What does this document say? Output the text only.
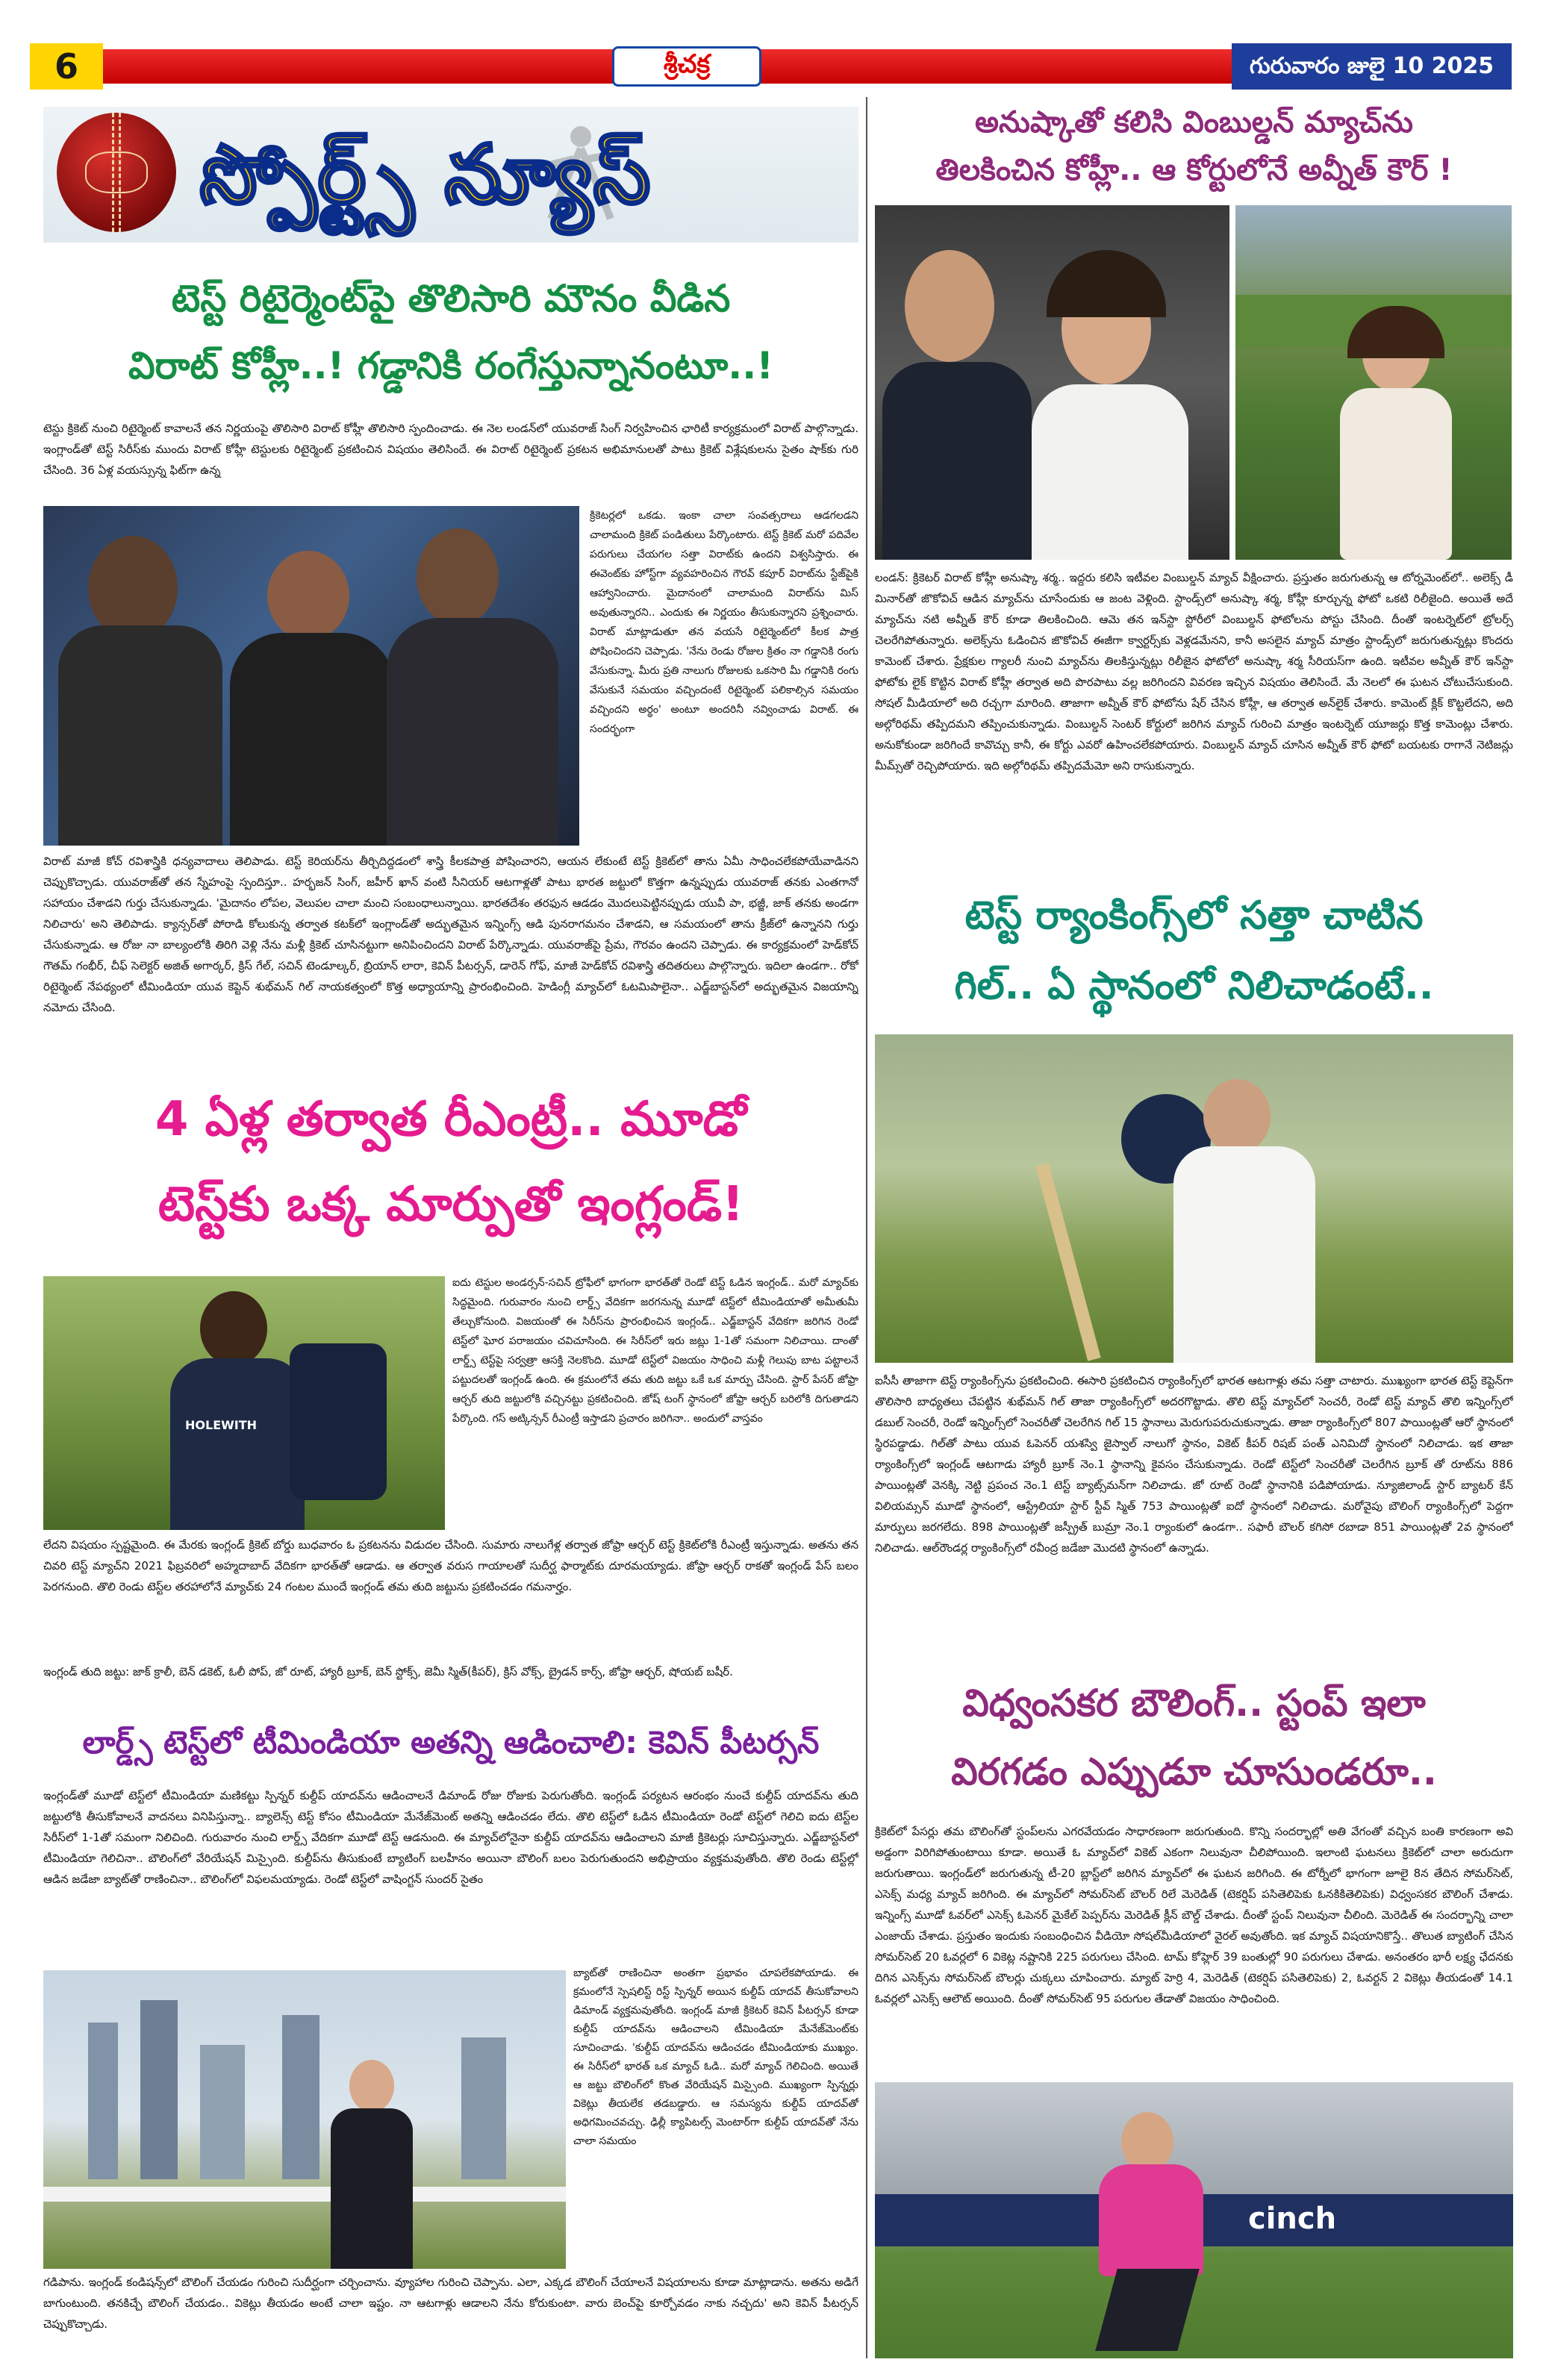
6	శ్రీచక్ర	గురువారం జులై 10 2025
స్పోర్ట్స్ న్యూస్
టెస్ట్ రిటైర్మెంట్‌పై తొలిసారి మౌనం వీడిన
విరాట్ కోహ్లీ..! గడ్డానికి రంగేస్తున్నానంటూ..!
టెస్టు క్రికెట్ నుంచి రిటైర్మెంట్ కావాలనే తన నిర్ణయంపై తొలిసారి విరాట్ కోహ్లీ తొలిసారి స్పందించాడు. ఈ నెల లండన్‌లో యువరాజ్ సింగ్ నిర్వహించిన ఛారిటీ కార్యక్రమంలో విరాట్ పాల్గొన్నాడు. ఇంగ్లాండ్‌తో టెస్ట్ సిరీస్‌కు ముందు విరాట్ కోహ్లీ టెస్టులకు రిటైర్మెంట్ ప్రకటించిన విషయం తెలిసిందే. ఈ విరాట్ రిటైర్మెంట్ ప్రకటన అభిమానులతో పాటు క్రికెట్ విశ్లేషకులను సైతం షాక్‌కు గురి చేసింది. 36 ఏళ్ల వయస్సున్న ఫిట్‌గా ఉన్న
క్రికెటర్లలో ఒకడు. ఇంకా చాలా సంవత్సరాలు ఆడగలడని చాలామంది క్రికెట్ పండితులు పేర్కొంటారు. టెస్ట్ క్రికెట్ మరో పదివేల పరుగులు చేయగల సత్తా విరాట్‌కు ఉందని విశ్వసిస్తారు. ఈ ఈవెంట్‌కు హోస్ట్‌గా వ్యవహరించిన గౌరవ్ కపూర్ విరాట్‌ను స్టేజ్‌పైకి ఆహ్వానించారు. మైదానంలో చాలామంది విరాట్‌ను మిస్ అవుతున్నారని.. ఎందుకు ఈ నిర్ణయం తీసుకున్నారని ప్రశ్నించారు. విరాట్ మాట్లాడుతూ తన వయసే రిటైర్మెంట్‌లో కీలక పాత్ర పోషించిందని చెప్పాడు. 'నేను రెండు రోజుల క్రితం నా గడ్డానికి రంగు వేసుకున్నా. మీరు ప్రతి నాలుగు రోజులకు ఒకసారి మీ గడ్డానికి రంగు వేసుకునే సమయం వచ్చిందంటే రిటైర్మెంట్ పలికాల్సిన సమయం వచ్చిందని అర్థం' అంటూ అందరినీ నవ్వించాడు విరాట్. ఈ సందర్భంగా
విరాట్ మాజీ కోచ్ రవిశాస్త్రికి ధన్యవాదాలు తెలిపాడు. టెస్ట్ కెరియర్‌ను తీర్చిదిద్దడంలో శాస్త్రి కీలకపాత్ర పోషించారని, ఆయన లేకుంటే టెస్ట్ క్రికెట్‌లో తాను ఏమీ సాధించలేకపోయేవాడినని చెప్పుకొచ్చాడు. యువరాజ్‌తో తన స్నేహంపై స్పందిస్తూ.. హర్భజన్ సింగ్, జహీర్ ఖాన్ వంటి సీనియర్ ఆటగాళ్లతో పాటు భారత జట్టులో కొత్తగా ఉన్నప్పుడు యువరాజ్ తనకు ఎంతగానో సహాయం చేశాడని గుర్తు చేసుకున్నాడు. 'మైదానం లోపల, వెలుపల చాలా మంచి సంబంధాలున్నాయి. భారతదేశం తరఫున ఆడడం మొదలుపెట్టినప్పుడు యువీ పా, భజ్జీ, జాక్ తనకు అండగా నిలిచారు' అని తెలిపాడు. క్యాన్సర్‌తో పోరాడి కోలుకున్న తర్వాత కటక్‌లో ఇంగ్లాండ్‌తో అద్భుతమైన ఇన్నింగ్స్ ఆడి పునరాగమనం చేశాడని, ఆ సమయంలో తాను క్రీజ్‌లో ఉన్నానని గుర్తు చేసుకున్నాడు. ఆ రోజు నా బాల్యంలోకి తిరిగి వెళ్లి నేను మళ్లీ క్రికెట్ చూసినట్టుగా అనిపించిందని విరాట్ పేర్కొన్నాడు. యువరాజ్‌పై ప్రేమ, గౌరవం ఉందని చెప్పాడు. ఈ కార్యక్రమంలో హెడ్‌కోచ్ గౌతమ్ గంభీర్, చీఫ్ సెలెక్టర్ అజిత్ అగార్కర్, క్రిస్ గేల్, సచిన్ టెండూల్కర్, బ్రియాన్ లారా, కెవిన్ పీటర్సన్, డారెన్ గోఫ్, మాజీ హెడ్‌కోచ్ రవిశాస్త్రి తదితరులు పాల్గొన్నారు. ఇదిలా ఉండగా.. రోకో రిటైర్మెంట్ నేపథ్యంలో టీమిండియా యువ కెప్టెన్ శుభ్‌మన్ గిల్ నాయకత్వంలో కొత్త అధ్యాయాన్ని ప్రారంభించింది. హెడింగ్లీ మ్యాచ్‌లో ఓటమిపాలైనా.. ఎడ్జ్‌బాస్టన్‌లో అద్భుతమైన విజయాన్ని నమోదు చేసింది.
4 ఏళ్ల తర్వాత రీఎంట్రీ.. మూడో
టెస్ట్‌కు ఒక్క మార్పుతో ఇంగ్లండ్!
HOLEWITH
ఐదు టెస్టుల అండర్సన్-సచిన్ ట్రోఫీలో భాగంగా భారత్‌తో రెండో టెస్ట్‌ ఓడిన ఇంగ్లండ్.. మరో మ్యాచ్‌కు సిద్ధమైంది. గురువారం నుంచి లార్డ్స్ వేదికగా జరగనున్న మూడో టెస్ట్‌లో టీమిండియాతో అమీతుమీ తేల్చుకోనుంది. విజయంతో ఈ సిరీస్‌ను ప్రారంభించిన ఇంగ్లండ్.. ఎడ్జ్‌బాస్టన్ వేదికగా జరిగిన రెండో టెస్ట్‌లో ఘోర పరాజయం చవిచూసింది. ఈ సిరీస్‌లో ఇరు జట్లు 1-1తో సమంగా నిలిచాయి. దాంతో లార్డ్స్ టెస్ట్‌పై సర్వత్రా ఆసక్తి నెలకొంది. మూడో టెస్ట్‌లో విజయం సాధించి మళ్లీ గెలుపు బాట పట్టాలనే పట్టుదలతో ఇంగ్లండ్ ఉంది. ఈ క్రమంలోనే తమ తుది జట్టు ఒకే ఒక మార్పు చేసింది. స్టార్ పేసర్ జోఫ్రా ఆర్చర్ తుది జట్టులోకి వచ్చినట్టు ప్రకటించింది. జోష్ టంగ్ స్థానంలో జోఫ్రా ఆర్చర్ బరిలోకి దిగుతాడని పేర్కొంది. గస్ అట్కిన్సన్ రీఎంట్రీ ఇస్తాడని ప్రచారం జరిగినా.. అందులో వాస్తవం
లేదని విషయం స్పష్టమైంది. ఈ మేరకు ఇంగ్లండ్ క్రికెట్ బోర్డు బుధవారం ఓ ప్రకటనను విడుదల చేసింది. సుమారు నాలుగేళ్ల తర్వాత జోఫ్రా ఆర్చర్ టెస్ట్ క్రికెట్‌లోకి రీఎంట్రీ ఇస్తున్నాడు. అతను తన చివరి టెస్ట్ మ్యాచ్‌ని 2021 ఫిబ్రవరిలో అహ్మదాబాద్ వేదికగా భారత్‌తో ఆడాడు. ఆ తర్వాత వరుస గాయాలతో సుదీర్ఘ ఫార్మాట్‌కు దూరమయ్యాడు. జోఫ్రా ఆర్చర్ రాకతో ఇంగ్లండ్ పేస్ బలం పెరగనుంది. తొలి రెండు టెస్ట్‌ల తరహాలోనే మ్యాచ్‌కు 24 గంటల ముందే ఇంగ్లండ్ తమ తుది జట్టును ప్రకటించడం గమనార్హం.
ఇంగ్లండ్ తుది జట్టు: జాక్ క్రాలీ, బెన్ డకెట్, ఓలీ పోప్, జో రూట్, హ్యారీ బ్రూక్, బెన్ స్టోక్స్, జెమీ స్మిత్(కీపర్), క్రిస్ వోక్స్, బ్రైడన్ కార్స్, జోఫ్రా ఆర్చర్, షోయబ్ బషీర్.
లార్డ్స్ టెస్ట్‌లో టీమిండియా అతన్ని ఆడించాలి: కెవిన్ పీటర్సన్
ఇంగ్లండ్‌తో మూడో టెస్ట్‌లో టీమిండియా మణికట్టు స్పిన్నర్ కుల్దీప్ యాదవ్‌ను ఆడించాలనే డిమాండ్ రోజు రోజుకు పెరుగుతోంది. ఇంగ్లండ్ పర్యటన ఆరంభం నుంచే కుల్దీప్ యాదవ్‌ను తుది జట్టులోకి తీసుకోవాలనే వాదనలు వినిపిస్తున్నా.. బ్యాలెన్స్ టెస్ట్ కోసం టీమిండియా మేనేజ్‌మెంట్ అతన్ని ఆడించడం లేదు. తొలి టెస్ట్‌లో ఓడిన టీమిండియా రెండో టెస్ట్‌లో గెలిచి ఐదు టెస్ట్‌ల సిరీస్‌లో 1-1తో సమంగా నిలిచింది. గురువారం నుంచి లార్డ్స్ వేదికగా మూడో టెస్ట్ ఆడనుంది. ఈ మ్యాచ్‌లోనైనా కుల్దీప్ యాదవ్‌ను ఆడించాలని మాజీ క్రికెటర్లు సూచిస్తున్నారు. ఎడ్జ్‌బాస్టన్‌లో టీమిండియా గెలిచినా.. బౌలింగ్‌లో వేరియేషన్ మిస్సైంది. కుల్దీప్‌ను తీసుకుంటే బ్యాటింగ్ బలహీనం అయినా బౌలింగ్ బలం పెరుగుతుందని అభిప్రాయం వ్యక్తమవుతోంది. తొలి రెండు టెస్ట్‌ల్లో ఆడిన జడేజా బ్యాట్‌తో రాణించినా.. బౌలింగ్‌లో విఫలమయ్యాడు. రెండో టెస్ట్‌లో వాషింగ్టన్ సుందర్ సైతం
బ్యాట్‌తో రాణించినా అంతగా ప్రభావం చూపలేకపోయాడు. ఈ క్రమంలోనే స్పెషలిస్ట్ రిస్ట్ స్పిన్నర్ అయిన కుల్దీప్ యాదవ్ తీసుకోవాలని డిమాండ్ వ్యక్తమవుతోంది. ఇంగ్లండ్ మాజీ క్రికెటర్ కెవిన్ పీటర్సన్ కూడా కుల్దీప్ యాదవ్‌ను ఆడించాలని టీమిండియా మేనేజ్‌మెంట్‌కు సూచించాడు. 'కుల్దీప్ యాదవ్‌ను ఆడించడం టీమిండియాకు ముఖ్యం. ఈ సిరీస్‌లో భారత్ ఒక మ్యాచ్ ఓడి.. మరో మ్యాచ్ గెలిచింది. అయితే ఆ జట్టు బౌలింగ్‌లో కొంత వేరియేషన్ మిస్సైంది. ముఖ్యంగా స్పిన్నర్లు వికెట్లు తీయలేక తడబడ్డారు. ఆ సమస్యను కుల్దీప్ యాదవ్‌తో అధిగమించవచ్చు. ఢిల్లీ క్యాపిటల్స్ మెంటార్‌గా కుల్దీప్ యాదవ్‌తో నేను చాలా సమయం
గడిపాను. ఇంగ్లండ్ కండిషన్స్‌లో బౌలింగ్ చేయడం గురించి సుదీర్ఘంగా చర్చించాను. వ్యూహాల గురించి చెప్పాను. ఎలా, ఎక్కడ బౌలింగ్ చేయాలనే విషయాలను కూడా మాట్లాడాను. అతను అడిగే బాగుంటుంది. తనకిచ్చే బౌలింగ్ చేయడం.. వికెట్లు తీయడం అంటే చాలా ఇష్టం. నా ఆటగాళ్లు ఆడాలని నేను కోరుకుంటా. వారు బెంచ్‌పై కూర్చోవడం నాకు నచ్చదు' అని కెవిన్ పీటర్సన్ చెప్పుకొచ్చాడు.
అనుష్కాతో కలిసి వింబుల్డన్ మ్యాచ్‌ను
తిలకించిన కోహ్లీ.. ఆ కోర్టులోనే అవ్నీత్ కౌర్ !
లండన్: క్రికెటర్ విరాట్ కోహ్లీ అనుష్కా శర్మ.. ఇద్దరు కలిసి ఇటీవల వింబుల్డన్ మ్యాచ్ వీక్షించారు. ప్రస్తుతం జరుగుతున్న ఆ టోర్నమెంట్‌లో.. అలెక్స్ డీ మినార్‌తో జొకోవిచ్ ఆడిన మ్యాచ్‌ను చూసేందుకు ఆ జంట వెళ్లింది. స్టాండ్స్‌లో అనుష్కా శర్మ, కోహ్లీ కూర్చున్న ఫోటో ఒకటి రిలీజైంది. అయితే అదే మ్యాచ్‌ను నటి అవ్నీత్ కౌర్ కూడా తిలకించింది. ఆమె తన ఇన్‌స్టా స్టోరీలో వింబుల్డన్ ఫోటోలను పోస్టు చేసింది. దీంతో ఇంటర్నెట్‌లో ట్రోలర్స్ చెలరేగిపోతున్నారు. అలెక్స్‌ను ఓడించిన జొకోవిచ్ ఈజీగా క్వార్టర్స్‌కు వెళ్లడమేనని, కానీ అసలైన మ్యాచ్ మాత్రం స్టాండ్స్‌లో జరుగుతున్నట్లు కొందరు కామెంట్ చేశారు. ప్రేక్షకుల గ్యాలరీ నుంచి మ్యాచ్‌ను తిలకిస్తున్నట్లు రిలీజైన ఫోటోలో అనుష్కా శర్మ సీరియస్‌గా ఉంది. ఇటీవల అవ్నీత్ కౌర్ ఇన్‌స్టా ఫోటోకు లైక్ కొట్టిన విరాట్ కోహ్లీ తర్వాత అది పొరపాటు వల్ల జరిగిందని వివరణ ఇచ్చిన విషయం తెలిసిందే. మే నెలలో ఈ ఘటన చోటుచేసుకుంది. సోషల్ మీడియాలో అది రచ్చగా మారింది. తాజాగా అవ్నీత్ కౌర్ ఫోటోను షేర్ చేసిన కోహ్లీ, ఆ తర్వాత అన్‌లైక్ చేశారు. కామెంట్ క్లిక్ కొట్టలేదని, అది అల్గోరిథమ్ తప్పిదమని తప్పించుకున్నాడు. వింబుల్డన్ సెంటర్ కోర్టులో జరిగిన మ్యాచ్ గురించి మాత్రం ఇంటర్నెట్ యూజర్లు కొత్త కామెంట్లు చేశారు. అనుకోకుండా జరిగిందే కావొచ్చు కానీ, ఈ కోర్టు ఎవరో ఉహించలేకపోయారు. వింబుల్డన్ మ్యాచ్ చూసిన అవ్నీత్ కౌర్ ఫోటో బయటకు రాగానే నెటిజన్లు మీమ్స్‌తో రెచ్చిపోయారు. ఇది అల్గోరిథమ్ తప్పిదమేమో అని రాసుకున్నారు.
టెస్ట్ ర్యాంకింగ్స్‌లో సత్తా చాటిన
గిల్.. ఏ స్థానంలో నిలిచాడంటే..
ఐసీసీ తాజాగా టెస్ట్ ర్యాంకింగ్స్‌ను ప్రకటించింది. ఈసారి ప్రకటించిన ర్యాంకింగ్స్‌లో భారత ఆటగాళ్లు తమ సత్తా చాటారు. ముఖ్యంగా భారత టెస్ట్ కెప్టెన్‌గా తొలిసారి బాధ్యతలు చేపట్టిన శుభ్‌మన్ గిల్ తాజా ర్యాంకింగ్స్‌లో అదరగొట్టాడు. తొలి టెస్ట్ మ్యాచ్‌లో సెంచరీ, రెండో టెస్ట్ మ్యాచ్ తొలి ఇన్నింగ్స్‌లో డబుల్ సెంచరీ, రెండో ఇన్నింగ్స్‌లో సెంచరీతో చెలరేగిన గిల్ 15 స్థానాలు మెరుగుపరుచుకున్నాడు. తాజా ర్యాంకింగ్స్‌లో 807 పాయింట్లతో ఆరో స్థానంలో స్థిరపడ్డాడు. గిల్‌తో పాటు యువ ఓపెనర్ యశస్వి జైస్వాల్ నాలుగో స్థానం, వికెట్ కీపర్ రిషబ్ పంత్ ఎనిమిదో స్థానంలో నిలిచాడు. ఇక తాజా ర్యాంకింగ్స్‌లో ఇంగ్లండ్ ఆటగాడు హ్యారీ బ్రూక్ నెం.1 స్థానాన్ని కైవసం చేసుకున్నాడు. రెండో టెస్ట్‌లో సెంచరీతో చెలరేగిన బ్రూక్ తో రూట్‌ను 886 పాయింట్లతో వెనక్కి నెట్టి ప్రపంచ నెం.1 టెస్ట్ బ్యాట్స్‌మన్‌గా నిలిచాడు. జో రూట్ రెండో స్థానానికి పడిపోయాడు. న్యూజిలాండ్ స్టార్ బ్యాటర్ కేన్ విలియమ్సన్ మూడో స్థానంలో, ఆస్ట్రేలియా స్టార్ స్టీవ్ స్మిత్ 753 పాయింట్లతో ఐదో స్థానంలో నిలిచాడు. మరోవైపు బౌలింగ్ ర్యాంకింగ్స్‌లో పెద్దగా మార్పులు జరగలేదు. 898 పాయింట్లతో జస్ప్రీత్ బుమ్రా నెం.1 ర్యాంకులో ఉండగా.. సఫారీ బౌలర్ కగిసో రబాడా 851 పాయింట్లతో 2వ స్థానంలో నిలిచాడు. ఆల్‌రౌండర్ల ర్యాంకింగ్స్‌లో రవీంద్ర జడేజా మొదటి స్థానంలో ఉన్నాడు.
విధ్వంసకర బౌలింగ్.. స్టంప్ ఇలా
విరగడం ఎప్పుడూ చూసుండరూ..
క్రికెట్‌లో పేసర్లు తమ బౌలింగ్‌తో స్టంప్‌లను ఎగరవేయడం సాధారణంగా జరుగుతుంది. కొన్ని సందర్భాల్లో అతి వేగంతో వచ్చిన బంతి కారణంగా అవి అడ్డంగా విరిగిపోతుంటాయి కూడా. అయితే ఓ మ్యాచ్‌లో వికెట్ ఎకంగా నిలువునా చీలిపోయింది. ఇలాంటి ఘటనలు క్రికెట్‌లో చాలా అరుదుగా జరుగుతాయి. ఇంగ్లండ్‌లో జరుగుతున్న టీ-20 బ్లాస్ట్‌లో జరిగిన మ్యాచ్‌లో ఈ ఘటన జరిగింది. ఈ టోర్నీలో భాగంగా జూలై 8న తేదిన సోమర్‌సెట్, ఎసెక్స్ మధ్య మ్యాచ్ జరిగింది. ఈ మ్యాచ్‌లో సోమర్‌సెట్ బౌలర్ రిలే మెరెడిత్ (టెకర్షిప్ పసితెలిపెకు ఓనకికితెలిపెకు) విధ్వంసకర బౌలింగ్ చేశాడు. ఇన్నింగ్స్ మూడో ఓవర్‌లో ఎసెక్స్ ఓపెనర్ మైకేల్ పెప్పర్‌ను మెరెడిత్ క్లీన్ బౌల్డ్ చేశాడు. దీంతో స్టంప్ నిలువునా చీలింది. మెరెడిత్ ఈ సందర్భాన్ని చాలా ఎంజాయ్ చేశాడు. ప్రస్తుతం ఇందుకు సంబంధించిన వీడియో సోషల్‌మీడియాలో వైరల్ అవుతోంది. ఇక మ్యాచ్ విషయానికొస్తే.. తొలుత బ్యాటింగ్ చేసిన సోమర్‌సెట్ 20 ఓవర్లలో 6 వికెట్ల నష్టానికి 225 పరుగులు చేసింది. టామ్ కోహ్లెర్ 39 బంతుల్లో 90 పరుగులు చేశాడు. అనంతరం భారీ లక్ష్య ఛేదనకు దిగిన ఎసెక్స్‌ను సోమర్‌సెట్ బౌలర్లు చుక్కలు చూపించారు. మ్యాట్ హెర్రి 4, మెరెడిత్ (టెకర్షిప్ పసితెలిపెకు) 2, ఓవర్టన్ 2 వికెట్లు తీయడంతో 14.1 ఓవర్లలో ఎసెక్స్ ఆలౌట్ అయింది. దీంతో సోమర్‌సెట్ 95 పరుగుల తేడాతో విజయం సాధించింది.
cinch
